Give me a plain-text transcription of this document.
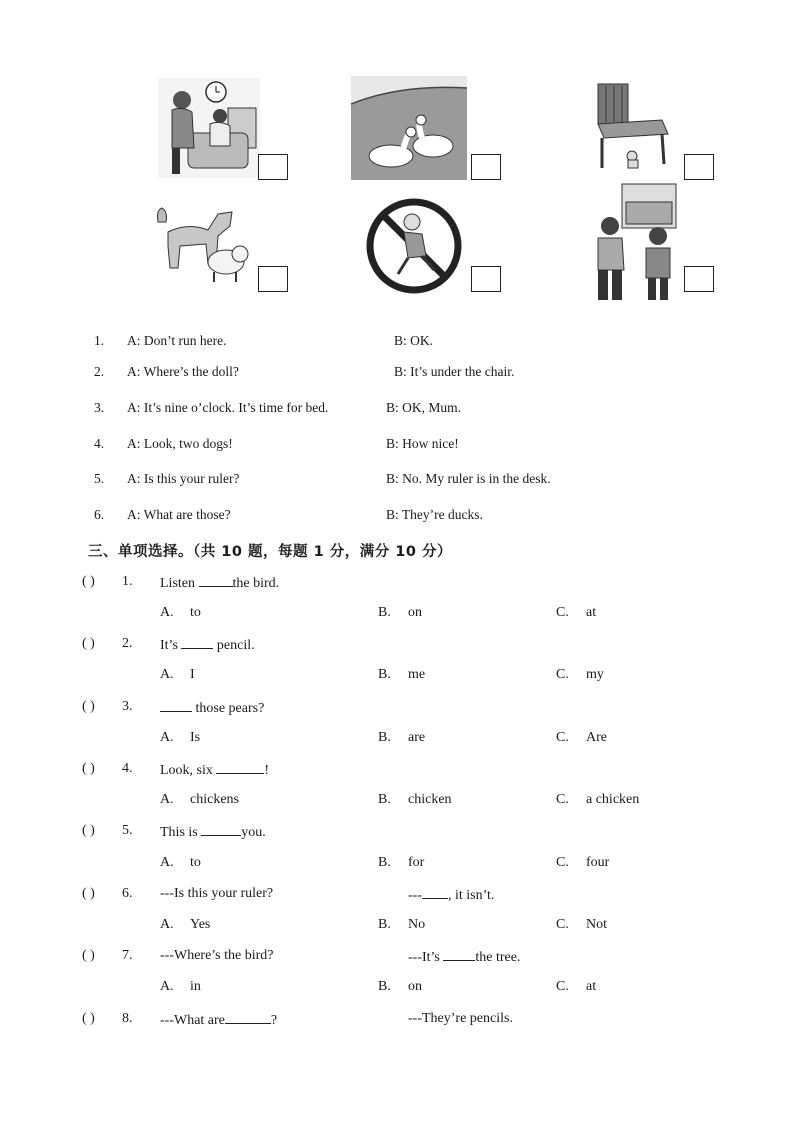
1. A: Don’t run here.	B: OK.
2. A: Where’s the doll?	B: It’s under the chair.
3. A: It’s nine o’clock. It’s time for bed.	B: OK, Mum.
4. A: Look, two dogs!	B: How nice!
5. A: Is this your ruler?	B: No. My ruler is in the desk.
6. A: What are those?	B: They’re ducks.
三、单项选择。（共 10 题，每题 1 分，满分 10 分）
( ) 1. Listen the bird.
A. to	B. on	C. at
( ) 2. It’s  pencil.
A. I	B. me	C. my
( ) 3.	those pears?
A. Is	B. are	C. Are
( ) 4. Look, six	!
A. chickens	B. chicken	C. a chicken
( ) 5. This is	you.
A. to	B. for	C. four
( ) 6. ---Is this your ruler?	--- , it isn’t.
A. Yes	B. No	C. Not
( ) 7. ---Where’s the bird?	---It’s the tree.
A. in	B. on	C. at
( ) 8. ---What are	?	---They’re pencils.
